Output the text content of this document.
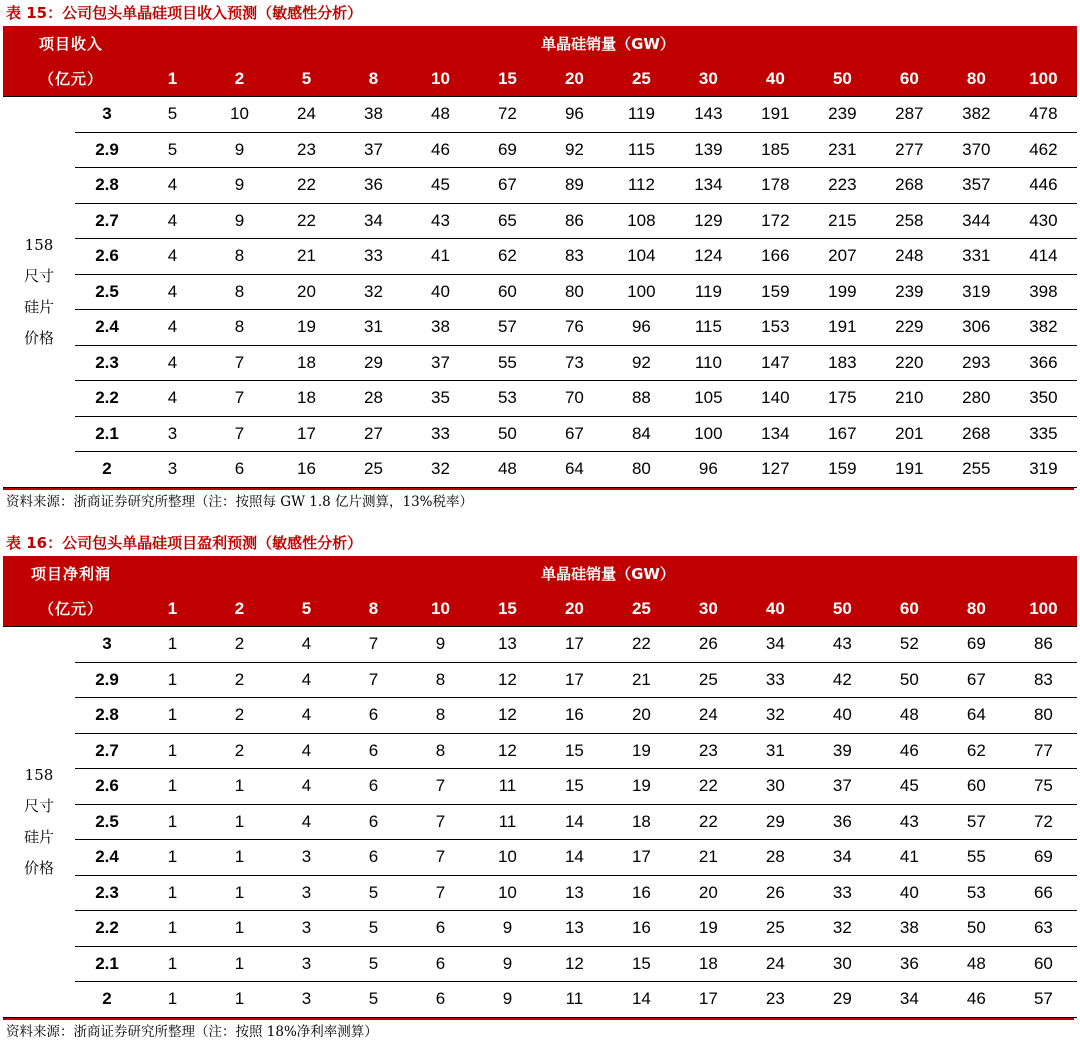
表 15：公司包头单晶硅项目收入预测（敏感性分析）
项目收入		单晶硅销量（GW）													
（亿元）		1	2	5	8	10	15	20	25	30	40	50	60	80	100

158
尺寸
硅片
价格	3	5	10	24	38	48	72	96	119	143	191	239	287	382	478
	2.9	5	9	23	37	46	69	92	115	139	185	231	277	370	462
	2.8	4	9	22	36	45	67	89	112	134	178	223	268	357	446
	2.7	4	9	22	34	43	65	86	108	129	172	215	258	344	430
	2.6	4	8	21	33	41	62	83	104	124	166	207	248	331	414
	2.5	4	8	20	32	40	60	80	100	119	159	199	239	319	398
	2.4	4	8	19	31	38	57	76	96	115	153	191	229	306	382
	2.3	4	7	18	29	37	55	73	92	110	147	183	220	293	366
	2.2	4	7	18	28	35	53	70	88	105	140	175	210	280	350
	2.1	3	7	17	27	33	50	67	84	100	134	167	201	268	335
	2	3	6	16	25	32	48	64	80	96	127	159	191	255	319
资料来源：浙商证券研究所整理（注：按照每 GW 1.8 亿片测算，13%税率）
表 16：公司包头单晶硅项目盈利预测（敏感性分析）
项目净利润		单晶硅销量（GW）													
（亿元）		1	2	5	8	10	15	20	25	30	40	50	60	80	100

158
尺寸
硅片
价格	3	1	2	4	7	9	13	17	22	26	34	43	52	69	86
	2.9	1	2	4	7	8	12	17	21	25	33	42	50	67	83
	2.8	1	2	4	6	8	12	16	20	24	32	40	48	64	80
	2.7	1	2	4	6	8	12	15	19	23	31	39	46	62	77
	2.6	1	1	4	6	7	11	15	19	22	30	37	45	60	75
	2.5	1	1	4	6	7	11	14	18	22	29	36	43	57	72
	2.4	1	1	3	6	7	10	14	17	21	28	34	41	55	69
	2.3	1	1	3	5	7	10	13	16	20	26	33	40	53	66
	2.2	1	1	3	5	6	9	13	16	19	25	32	38	50	63
	2.1	1	1	3	5	6	9	12	15	18	24	30	36	48	60
	2	1	1	3	5	6	9	11	14	17	23	29	34	46	57
资料来源：浙商证券研究所整理（注：按照 18%净利率测算）
